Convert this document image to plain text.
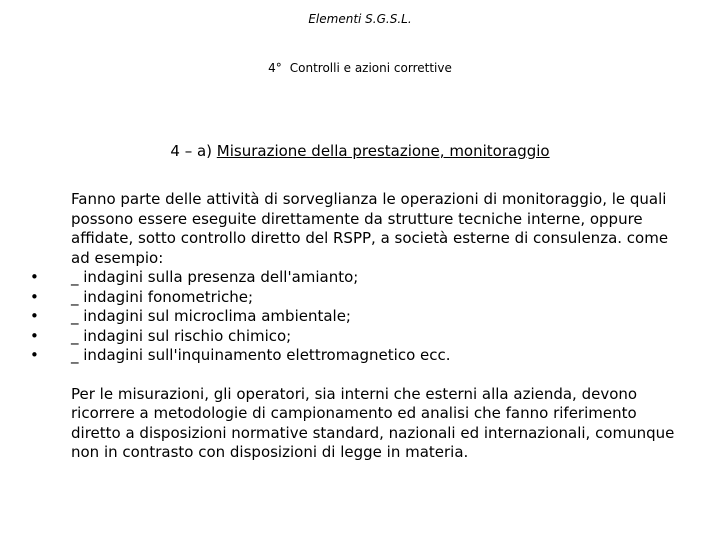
Elementi S.G.S.L.
4° Controlli e azioni correttive
4 – a) Misurazione della prestazione, monitoraggio

Fanno parte delle attività di sorveglianza le operazioni di monitoraggio, le quali possono essere eseguite direttamente da strutture tecniche interne, oppure affidate, sotto controllo diretto del RSPP, a società esterne di consulenza. come ad esempio:

• _ indagini sulla presenza dell'amianto;
• _ indagini fonometriche;
• _ indagini sul microclima ambientale;
• _ indagini sul rischio chimico;
• _ indagini sull'inquinamento elettromagnetico ecc.

Per le misurazioni, gli operatori, sia interni che esterni alla azienda, devono ricorrere a metodologie di campionamento ed analisi che fanno riferimento diretto a disposizioni normative standard, nazionali ed internazionali, comunque non in contrasto con disposizioni di legge in materia.
